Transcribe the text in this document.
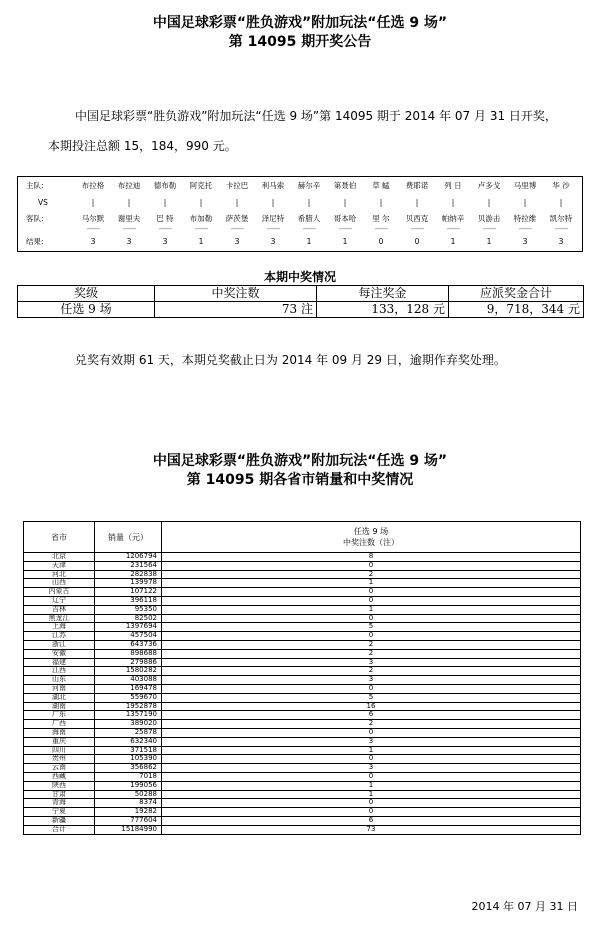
中国足球彩票“胜负游戏”附加玩法“任选 9 场”
第 14095 期开奖公告
中国足球彩票“胜负游戏”附加玩法“任选 9 场”第 14095 期于 2014 年 07 月 31 日开奖，
本期投注总额 15，184，990 元。
主队:	布拉格	布拉迪	德布勒	阿克托	卡拉巴	利马索	赫尔辛	第聂伯	草 蜢	费耶诺	列 日	卢多戈	马里博	华 沙
VS	|	|	|	|	|	|	|	|	|	|	|	|	|	|
客队:	马尔默	谢里夫	巴 特	布加勒	萨茨堡	泽尼特	希腊人	哥本哈	里 尔	贝西克	帕纳辛	贝游击	特拉维	凯尔特
——	——	——	——	——	——	——	——	——	——	——	——	——	——
结果:	3	3	3	1	3	3	1	1	0	0	1	1	3	3
本期中奖情况
奖级	中奖注数	每注奖金	应派奖金合计
任选 9 场	73 注	133，128 元	9，718，344 元
兑奖有效期 61 天，本期兑奖截止日为 2014 年 09 月 29 日，逾期作弃奖处理。
中国足球彩票“胜负游戏”附加玩法“任选 9 场”
第 14095 期各省市销量和中奖情况
省市	销量（元）	任选 9 场
中奖注数（注）

北京	1206794	8
天津	231564	0
河北	282838	2
山西	139978	1
内蒙古	107122	0
辽宁	396118	0
吉林	95350	1
黑龙江	82502	0
上海	1397694	5
江苏	457504	0
浙江	643736	2
安徽	898688	2
福建	279886	3
江西	1580282	2
山东	403088	3
河南	169478	0
湖北	559670	5
湖南	1952878	16
广东	1357190	6
广西	389020	2
海南	25878	0
重庆	632340	3
四川	371518	1
贵州	105390	0
云南	356862	3
西藏	7018	0
陕西	199056	1
甘肃	50288	1
青海	8374	0
宁夏	19282	0
新疆	777604	6
合计	15184990	73
2014 年 07 月 31 日
